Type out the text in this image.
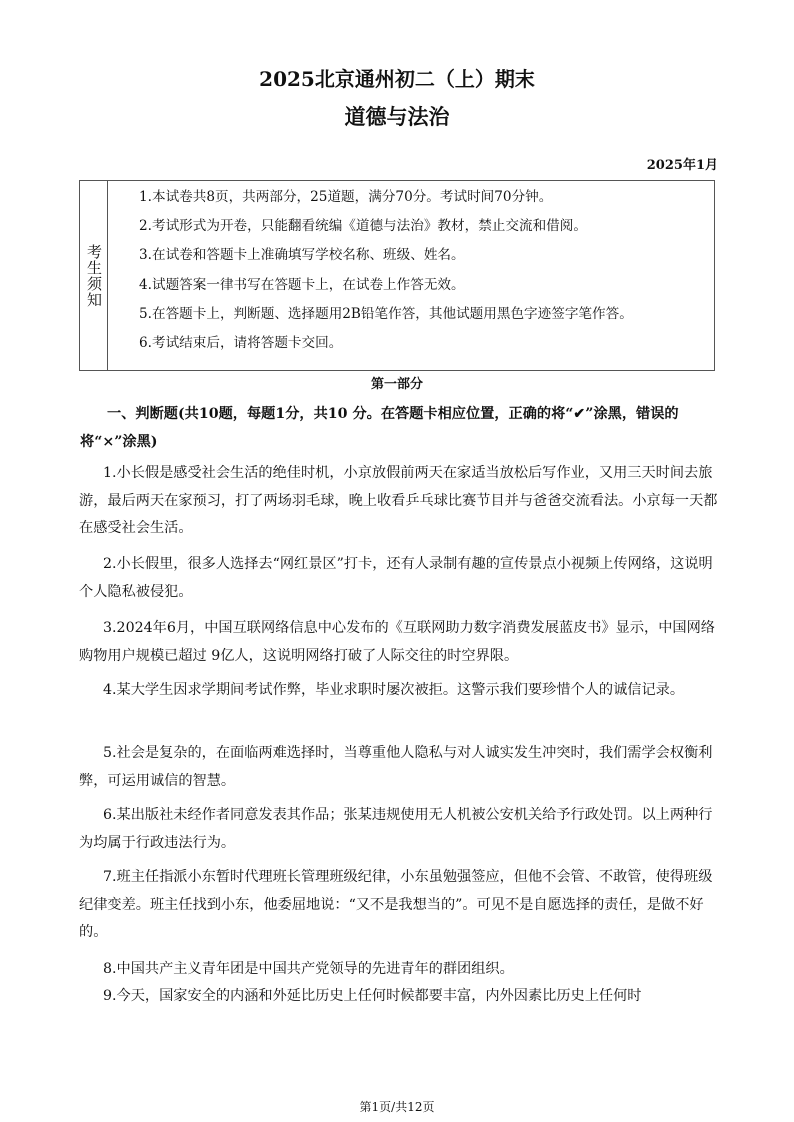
2025北京通州初二（上）期末
道德与法治
2025年1月
考生须知
1.本试卷共8页，共两部分，25道题，满分70分。考试时间70分钟。
2.考试形式为开卷，只能翻看统编《道德与法治》教材，禁止交流和借阅。
3.在试卷和答题卡上准确填写学校名称、班级、姓名。
4.试题答案一律书写在答题卡上，在试卷上作答无效。
5.在答题卡上，判断题、选择题用2B铅笔作答，其他试题用黑色字迹签字笔作答。
6.考试结束后，请将答题卡交回。
第一部分
一、判断题(共10题，每题1分，共10 分。在答题卡相应位置，正确的将“✔”涂黑，错误的将“×”涂黑)

1.小长假是感受社会生活的绝佳时机，小京放假前两天在家适当放松后写作业，又用三天时间去旅游，最后两天在家预习，打了两场羽毛球，晚上收看乒乓球比赛节目并与爸爸交流看法。小京每一天都在感受社会生活。

2.小长假里，很多人选择去“网红景区”打卡，还有人录制有趣的宣传景点小视频上传网络，这说明个人隐私被侵犯。

3.2024年6月，中国互联网络信息中心发布的《互联网助力数字消费发展蓝皮书》显示，中国网络购物用户规模已超过 9亿人，这说明网络打破了人际交往的时空界限。

4.某大学生因求学期间考试作弊，毕业求职时屡次被拒。这警示我们要珍惜个人的诚信记录。

5.社会是复杂的，在面临两难选择时，当尊重他人隐私与对人诚实发生冲突时，我们需学会权衡利弊，可运用诚信的智慧。

6.某出版社未经作者同意发表其作品；张某违规使用无人机被公安机关给予行政处罚。以上两种行为均属于行政违法行为。

7.班主任指派小东暂时代理班长管理班级纪律，小东虽勉强签应，但他不会管、不敢管，使得班级纪律变差。班主任找到小东，他委屈地说：“又不是我想当的”。可见不是自愿选择的责任，是做不好的。

8.中国共产主义青年团是中国共产党领导的先进青年的群团组织。

9.今天，国家安全的内涵和外延比历史上任何时候都要丰富，内外因素比历史上任何时

第1页/共12页
